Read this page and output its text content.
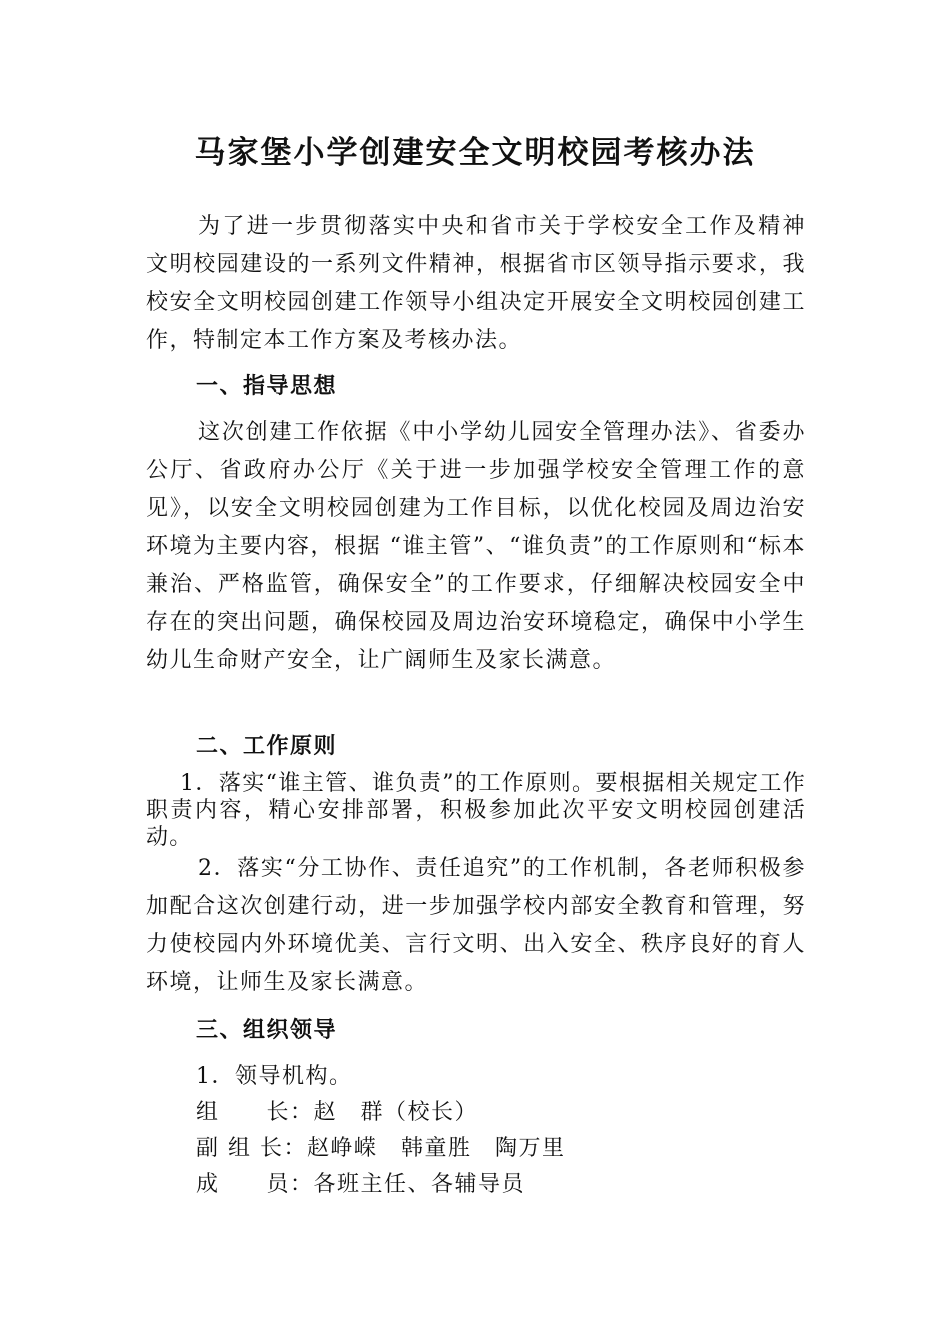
马家堡小学创建安全文明校园考核办法

为了进一步贯彻落实中央和省市关于学校安全工作及精神文明校园建设的一系列文件精神，根据省市区领导指示要求，我校安全文明校园创建工作领导小组决定开展安全文明校园创建工作，特制定本工作方案及考核办法。

一、指导思想

这次创建工作依据《中小学幼儿园安全管理办法》、省委办公厅、省政府办公厅《关于进一步加强学校安全管理工作的意见》，以安全文明校园创建为工作目标，以优化校园及周边治安环境为主要内容，根据 “谁主管”、“谁负责”的工作原则和“标本兼治、严格监管，确保安全”的工作要求，仔细解决校园安全中存在的突出问题，确保校园及周边治安环境稳定，确保中小学生幼儿生命财产安全，让广阔师生及家长满意。

二、工作原则

1．落实“谁主管、谁负责”的工作原则。要根据相关规定工作职责内容，精心安排部署，积极参加此次平安文明校园创建活动。

2．落实“分工协作、责任追究”的工作机制，各老师积极参加配合这次创建行动，进一步加强学校内部安全教育和管理，努力使校园内外环境优美、言行文明、出入安全、秩序良好的育人环境，让师生及家长满意。

三、组织领导
1．领导机构。
组　　长：赵　群（校长）
副 组 长：赵峥嵘　韩童胜　陶万里
成　　员：各班主任、各辅导员
